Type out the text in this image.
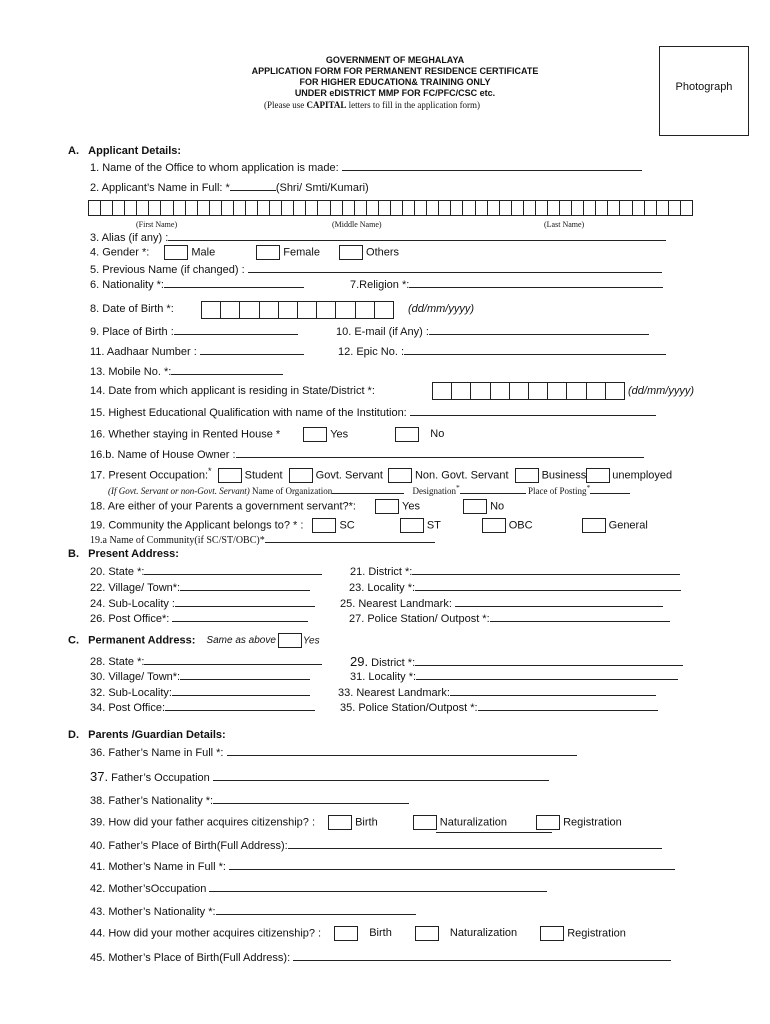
GOVERNMENT OF MEGHALAYA
APPLICATION FORM FOR PERMANENT RESIDENCE CERTIFICATE
FOR HIGHER EDUCATION& TRAINING ONLY
UNDER eDISTRICT MMP FOR FC/PFC/CSC etc.
(Please use CAPITAL letters to fill in the application form)
Photograph
A. Applicant Details:
1. Name of the Office to whom application is made:
2. Applicant’s Name in Full: *	(Shri/ Smti/Kumari)
(First Name)	(Middle Name)	(Last Name)
3. Alias (if any) :
4. Gender *:	Male	Female	Others
5. Previous Name (if changed) :
6. Nationality *:	7.Religion *:
8. Date of Birth *:	(dd/mm/yyyy)
9. Place of Birth :	10. E-mail (if Any) :
11. Aadhaar Number :	12. Epic No. :
13. Mobile No. *:
14. Date from which applicant is residing in State/District *:	(dd/mm/yyyy)
15. Highest Educational Qualification with name of the Institution:
16. Whether staying in Rented House *	Yes	No
16.b. Name of House Owner :
17. Present Occupation:*	Student	Govt. Servant	Non. Govt. Servant	Business unemployed
(If Govt. Servant or non-Govt. Servant) Name of Organization	Designation*	Place of Posting*
18. Are either of your Parents a government servant?*:	Yes	No
19. Community the Applicant belongs to? * :	SC	ST	OBC	General
19.a Name of Community(if SC/ST/OBC)*
B. Present Address:
20. State *:	21. District *:
22. Village/ Town*:	23. Locality *:
24. Sub-Locality :	25. Nearest Landmark:
26. Post Office*:	27. Police Station/ Outpost *:
C. Permanent Address: Same as above	Yes
28. State *:	29. District *:
30. Village/ Town*:	31. Locality *:
32. Sub-Locality:	33. Nearest Landmark:
34. Post Office:	35. Police Station/Outpost *:
D. Parents /Guardian Details:
36. Father’s Name in Full *:
37. Father’s Occupation
38. Father’s Nationality *:
39. How did your father acquires citizenship? :	Birth	Naturalization	Registration
40. Father’s Place of Birth(Full Address):
41. Mother’s Name in Full *:
42. Mother’sOccupation
43. Mother’s Nationality *:
44. How did your mother acquires citizenship? :	Birth	Naturalization	Registration
45. Mother’s Place of Birth(Full Address):
